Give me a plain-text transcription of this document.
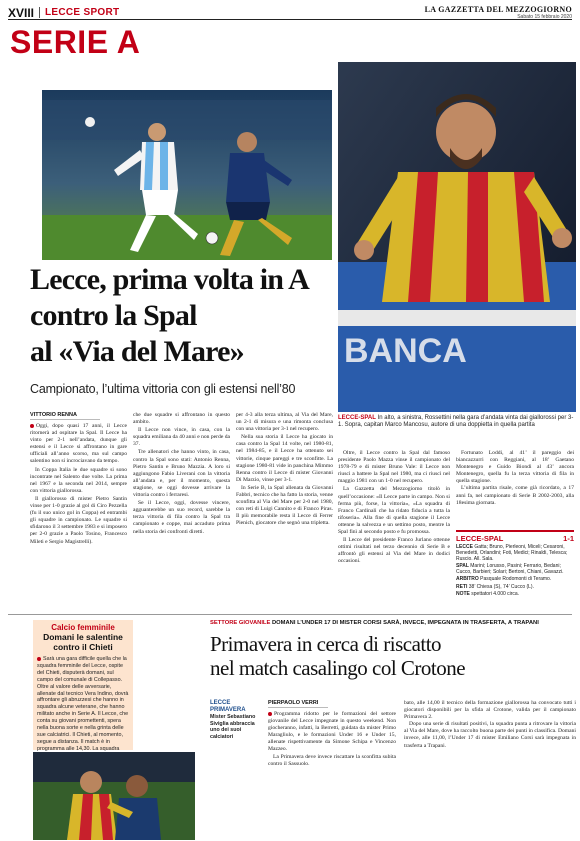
XVIII LECCE SPORT	LA GAZZETTA DEL MEZZOGIORNO
Sabato 15 febbraio 2020
SERIE A
BANCA
Lecce, prima volta in A
contro la Spal
al «Via del Mare»
Campionato, l’ultima vittoria con gli estensi nell’80
LECCE-SPAL In alto, a sinistra, Rossettini nella gara d’andata vinta dai giallorossi per 3-1. Sopra, capitan Marco Mancosu, autore di una doppietta in quella partita
VITTORIO RENNA

Oggi, dopo quasi 17 anni, il Lecce ritornerà ad ospitare la Spal. Il Lecce ha vinto per 2-1 nell’andata, dunque gli estensi e il Lecce si affrontano in gare ufficiali all’anno scorso, ma sul campo salentino non si incrociavano da tempo.

In Coppa Italia le due squadre si sono incontrate nel Salento due volte. La prima nel 1967 e la seconda nel 2014, sempre con vittoria giallorossa.

Il giallorosso di mister Pietro Santin vinse per 1-0 grazie al gol di Ciro Pezzella (fu il suo unico gol in Coppa) ed entrambi gli squadre in campionato. Le squadre si sfidarono il 3 settembre 1983 e si imposero per 2-0 grazie a Paolo Tosino, Francesco Mileti e Sergio Magistrelli).

che due squadre si affrontano in questo ambito.

Il Lecce non vince, in casa, con la squadra emiliana da 40 anni e non perde da 37.

Tre allenatori che hanno vinto, in casa, contro la Spal sono stati: Antonio Renna, Pietro Santin e Bruno Mazzia. A loro si aggiungono Fabio Liverani con la vittoria all’andata e, per il momento, questa stagione, se oggi dovesse arrivare la vittoria contro i ferraresi.

Se il Lecce, oggi, dovesse vincere, agguanterebbe un suo record, sarebbe la terza vittoria di fila contro la Spal tra campionato e coppe, mai accaduto prima nella storia dei confronti diretti.

per 4-3 alla terza ultima, al Via del Mare, un 2-1 di misura e una rimonta conclusa con una vittoria per 3-1 nel recupero.

Nella sua storia il Lecce ha giocato in casa contro la Spal 14 volte, nel 1980-81, nel 1984-85, e il Lecce ha ottenuto sei vittorie, cinque pareggi e tre sconfitte. La stagione 1980-81 vide in panchina Mimmo Renna contro il Lecce di mister Giovanni Di Marzio, vinse per 3-1.

In Serie B, la Spal allenata da Giovanni Fabbri, tecnico che ha fatto la storia, venne sconfitta al Via del Mare per 2-0 nel 1980, con reti di Luigi Cannito e di Franco Piras. Il più memorabile resta il Lecce di Ferrer Pienich, giocatore che segnò una tripletta.

Oltre, il Lecce contro la Spal dal famoso presidente Paolo Mazza vinse il campionato del 1978-79 e di mister Bruno Vale: il Lecce non riuscì a battere la Spal nel 1980, ma ci riuscì nel maggio 1981 con un 1-0 nel recupero.

La Gazzetta del Mezzogiorno titolò in quell’occasione: «Il Lecce parte in campo. Non si ferma più, forse, la vittoria», «La squadra di Franco Cardinali che ha ridato fiducia a tutta la tifoseria». Alla fine di quella stagione il Lecce ottenne la salvezza e un settimo posto, mentre la Spal finì al secondo posto e fu promossa.

Il Lecce del presidente Franco Jurlano ottenne ottimi risultati nel terzo decennio di Serie B e affrontò gli estensi al Via del Mare in dodici occasioni.

Fortunato Loddi, al 41’ il pareggio dei biancazzurri con Reggiani, al 18’ Gaetano Montenegro e Guido Biondi al 43’ ancora Montenegro, quella fu la terza vittoria di fila in quella stagione.

L’ultima partita risale, come già ricordato, a 17 anni fa, nel campionato di Serie B 2002-2003, alla 18esima giornata.

LECCE-SPAL	1-1

LECCE Gatta; Bruno, Pierleoni, Miceli; Cesaroni, Benedetti, Orlandini; Foti, Medici; Rinaldi, Telesca; Ruscio. All. Sala.

SPAL Marini; Lorusso, Pasini; Ferrario, Bedani; Cucco, Barbieri; Solari; Bertoni, Chiani, Gavazzi.

ARBITRO Pasquale Rodomonti di Teramo.

RETI 38’ Chiesa (S), 74’ Cucco (L).

NOTE spettatori 4.000 circa.

Calcio femminile
Domani le salentine contro il Chieti

Sarà una gara difficile quella che la squadra femminile del Lecce, ospite del Chieti, disputerà domani, sul campo del comunale di Collepasso. Oltre al valore delle avversarie, allenate dal tecnico Vera Indino, dovrà affrontare gli abruzzesi che hanno in squadra alcune veterane, che hanno militato anche in Serie A. Il Lecce, che conta su giovani promettenti, spera nella buona sorte e nella grinta delle sue calciatrici. Il Chieti, al momento, segue a distanza. Il match è in programma alle 14,30. La squadra

SETTORE GIOVANILE DOMANI L’UNDER 17 DI MISTER CORSI SARÀ, INVECE, IMPEGNATA IN TRASFERTA, A TRAPANI
Primavera in cerca di riscatto
nel match casalingo col Crotone
LECCE PRIMAVERA
Mister Sebastiano Siviglia abbraccia uno dei suoi calciatori
PIERPAOLO VERRI

Programma ridotto per le formazioni del settore giovanile del Lecce impegnate in questo weekend. Non giocheranno, infatti, la Berretti, guidata da mister Primo Maragliulo, e le formazioni Under 16 e Under 15, allenate rispettivamente da Simone Schipa e Vincenzo Mazzeo.

La Primavera deve invece riscattare la sconfitta subita contro il Sassuolo.

bato, alle 14,00 il tecnico della formazione giallorossa ha convocato tutti i giocatori disponibili per la sfida al Crotone, valida per il campionato Primavera 2.

Dopo una serie di risultati positivi, la squadra punta a ritrovare la vittoria al Via del Mare, dove ha raccolto buona parte dei punti in classifica. Domani invece, alle 11,00, l’Under 17 di mister Emiliano Corsi sarà impegnata in trasferta a Trapani.
